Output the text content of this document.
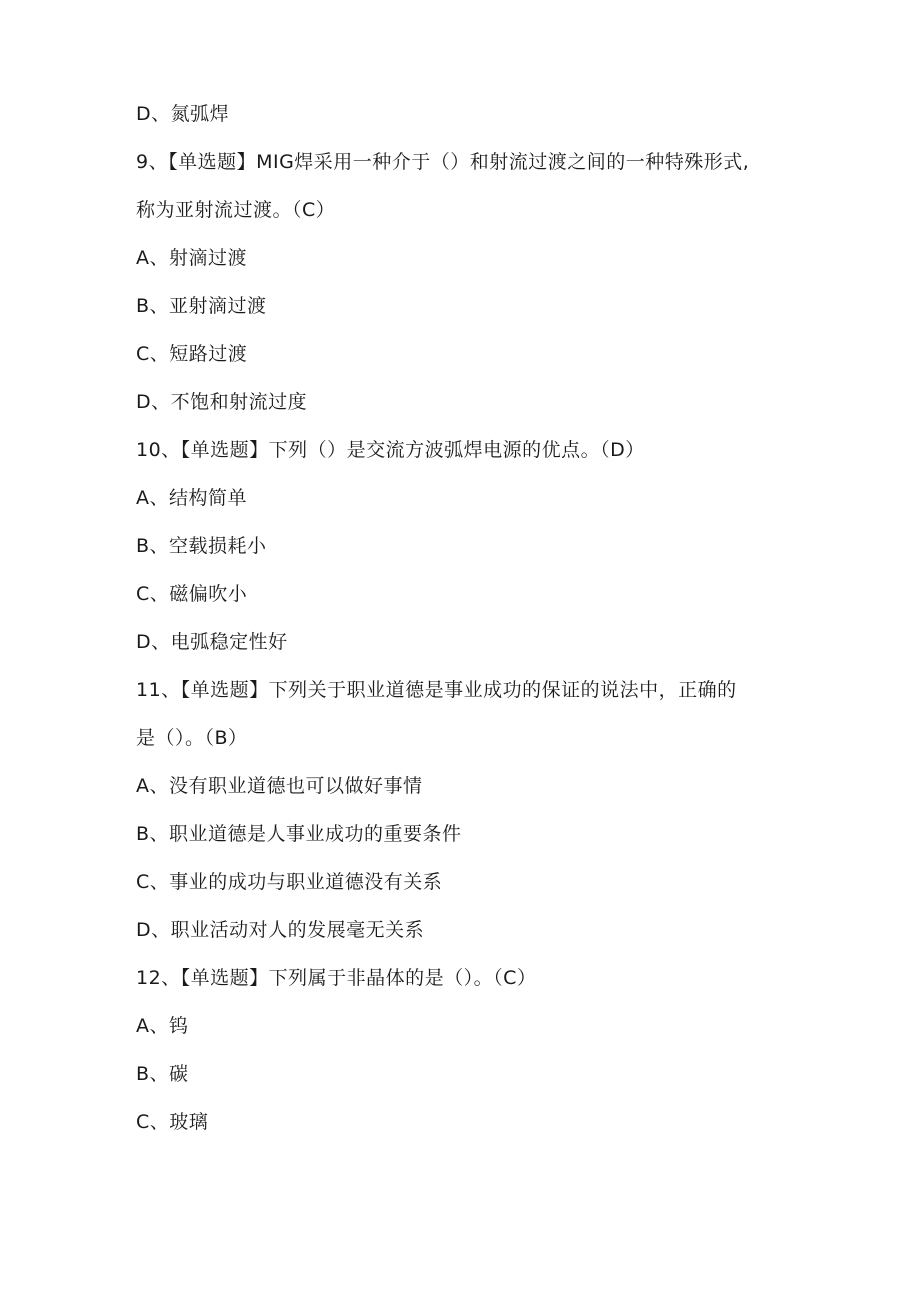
D、氮弧焊
9、【单选题】MIG焊采用一种介于（）和射流过渡之间的一种特殊形式,
称为亚射流过渡。（C）
A、射滴过渡
B、亚射滴过渡
C、短路过渡
D、不饱和射流过度
10、【单选题】下列（）是交流方波弧焊电源的优点。（D）
A、结构简单
B、空载损耗小
C、磁偏吹小
D、电弧稳定性好
11、【单选题】下列关于职业道德是事业成功的保证的说法中，正确的
是（）。（B）
A、没有职业道德也可以做好事情
B、职业道德是人事业成功的重要条件
C、事业的成功与职业道德没有关系
D、职业活动对人的发展毫无关系
12、【单选题】下列属于非晶体的是（）。（C）
A、钨
B、碳
C、玻璃
